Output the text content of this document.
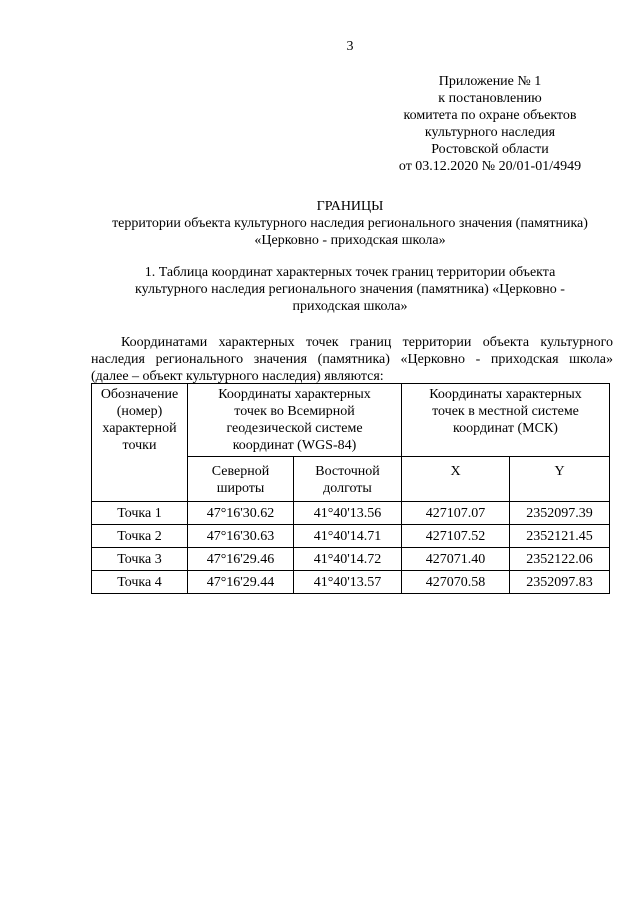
3
Приложение № 1
к постановлению
комитета по охране объектов
культурного наследия
Ростовской области
от 03.12.2020 № 20/01-01/4949
ГРАНИЦЫ
территории объекта культурного наследия регионального значения (памятника)
«Церковно - приходская школа»
1. Таблица координат характерных точек границ территории объекта
культурного наследия регионального значения (памятника) «Церковно -
приходская школа»
Координатами характерных точек границ территории объекта культурного
наследия регионального значения (памятника) «Церковно - приходская школа»
(далее – объект культурного наследия) являются:
Обозначение (номер) характерной точки	Координаты характерных точек во Всемирной геодезической системе координат (WGS-84)		Координаты характерных точек в местной системе координат (МСК)	
	Северной широты	Восточной долготы	X	Y
Точка 1	47°16'30.62	41°40'13.56	427107.07	2352097.39
Точка 2	47°16'30.63	41°40'14.71	427107.52	2352121.45
Точка 3	47°16'29.46	41°40'14.72	427071.40	2352122.06
Точка 4	47°16'29.44	41°40'13.57	427070.58	2352097.83
